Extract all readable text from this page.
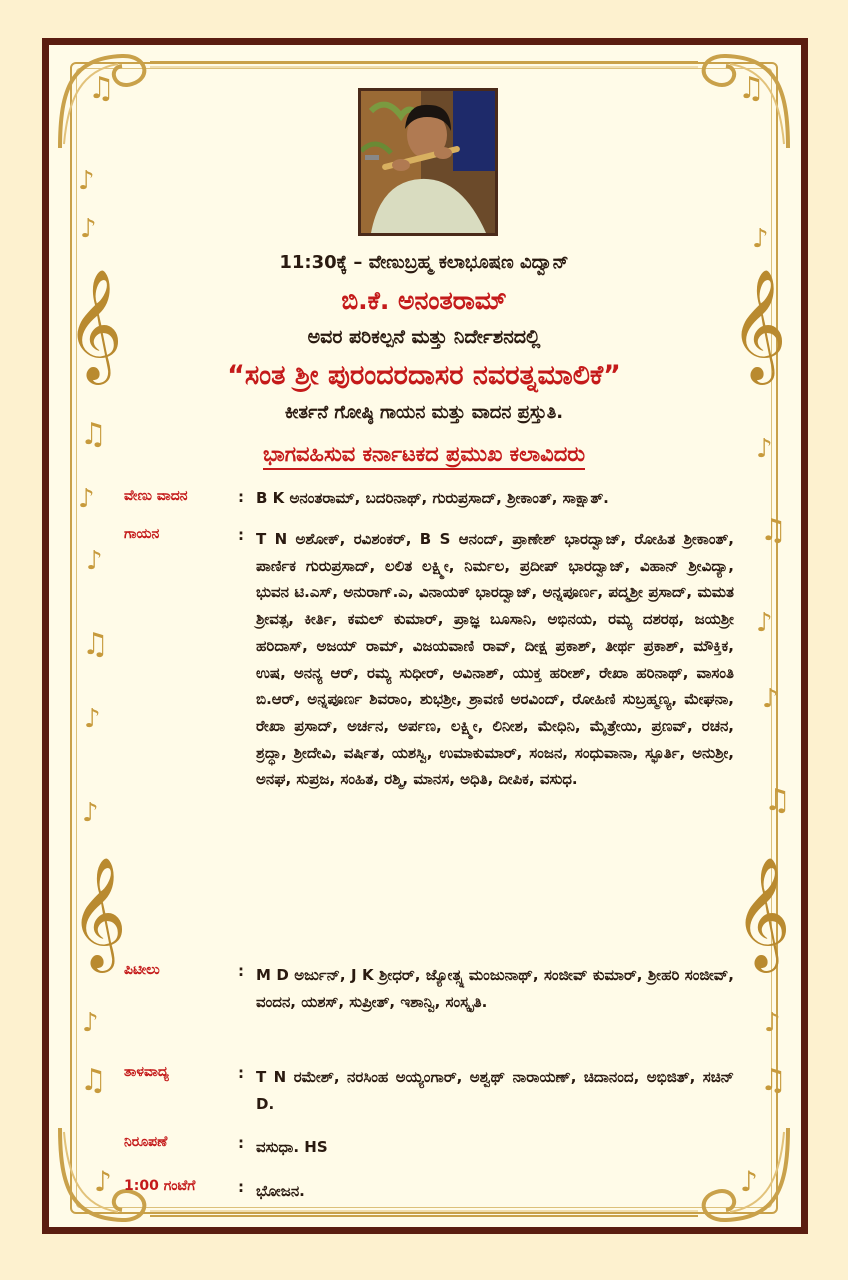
♫	♫
♪
♪	♪
𝄞	𝄞
♫	♪
♪
♫
♪
♫
♪
♪
♪
♫
♪
𝄞	𝄞
♪	♪
♫	♫
♪	♪
11:30ಕ್ಕೆ – ವೇಣುಬ್ರಹ್ಮ ಕಲಾಭೂಷಣ ವಿದ್ವಾನ್
ಬಿ.ಕೆ. ಅನಂತರಾಮ್
ಅವರ ಪರಿಕಲ್ಪನೆ ಮತ್ತು ನಿರ್ದೇಶನದಲ್ಲಿ
“ಸಂತ ಶ್ರೀ ಪುರಂದರದಾಸರ ನವರತ್ನಮಾಲಿಕೆ”
ಕೀರ್ತನೆ ಗೋಷ್ಠಿ ಗಾಯನ ಮತ್ತು ವಾದನ ಪ್ರಸ್ತುತಿ.
ಭಾಗವಹಿಸುವ ಕರ್ನಾಟಕದ ಪ್ರಮುಖ ಕಲಾವಿದರು
ವೇಣು ವಾದನ	: B K ಅನಂತರಾಮ್, ಬದರಿನಾಥ್, ಗುರುಪ್ರಸಾದ್, ಶ್ರೀಕಾಂತ್, ಸಾಕ್ಷಾತ್.
ಗಾಯನ	: T N ಅಶೋಕ್, ರವಿಶಂಕರ್, B S ಆನಂದ್, ಪ್ರಾಣೇಶ್ ಭಾರದ್ವಾಜ್, ರೋಹಿತ ಶ್ರೀಕಾಂತ್, ಪಾರ್ಣಿಕ ಗುರುಪ್ರಸಾದ್, ಲಲಿತ ಲಕ್ಷ್ಮೀ, ನಿರ್ಮಲ, ಪ್ರದೀಪ್ ಭಾರದ್ವಾಜ್, ವಿಹಾನ್ ಶ್ರೀವಿದ್ಯಾ, ಭುವನ ಟಿ.ಎಸ್, ಅನುರಾಗ್.ಎ, ವಿನಾಯಕ್ ಭಾರದ್ವಾಜ್, ಅನ್ನಪೂರ್ಣ, ಪದ್ಮಶ್ರೀ ಪ್ರಸಾದ್, ಮಮತ ಶ್ರೀವತ್ಸ, ಕೀರ್ತಿ, ಕಮಲ್ ಕುಮಾರ್, ಪ್ರಾಜ್ಞ ಬೂಸಾನಿ, ಅಭಿನಯ, ರಮ್ಯ ದಶರಥ, ಜಯಶ್ರೀ ಹರಿದಾಸ್, ಅಜಯ್ ರಾಮ್, ವಿಜಯವಾಣಿ ರಾವ್, ದೀಕ್ಷ ಪ್ರಕಾಶ್, ತೀರ್ಥ ಪ್ರಕಾಶ್, ಮೌಕ್ತಿಕ, ಉಷ, ಅನನ್ಯ ಆರ್, ರಮ್ಯ ಸುಧೀರ್, ಅವಿನಾಶ್, ಯುಕ್ತ ಹರೀಶ್, ರೇಖಾ ಹರಿನಾಥ್, ವಾಸಂತಿ ಬಿ.ಆರ್, ಅನ್ನಪೂರ್ಣ ಶಿವರಾಂ, ಶುಭಶ್ರೀ, ಶ್ರಾವಣಿ ಅರವಿಂದ್, ರೋಹಿಣಿ ಸುಬ್ರಹ್ಮಣ್ಯ, ಮೇಘನಾ, ರೇಖಾ ಪ್ರಸಾದ್, ಅರ್ಚನ, ಅರ್ಪಣ, ಲಕ್ಷ್ಮೀ, ಲಿನೀಶ, ಮೇಧಿನಿ, ಮೈತ್ರೇಯಿ, ಪ್ರಣವ್, ರಚನ, ಶ್ರದ್ಧಾ, ಶ್ರೀದೇವಿ, ವರ್ಷಿತ, ಯಶಸ್ವಿ, ಉಮಾಕುಮಾರ್, ಸಂಜನ, ಸಂಧುವಾನಾ, ಸ್ಫೂರ್ತಿ, ಅನುಶ್ರೀ, ಅನಘ, ಸುಪ್ರಜ, ಸಂಹಿತ, ರಶ್ಮಿ, ಮಾನಸ, ಅಧಿತಿ, ದೀಪಿಕ, ವಸುಧ.
ಪಿಟೀಲು	: M D ಅರ್ಜುನ್, J K ಶ್ರೀಧರ್, ಜ್ಯೋತ್ಸ್ನ ಮಂಜುನಾಥ್, ಸಂಜೀವ್ ಕುಮಾರ್, ಶ್ರೀಹರಿ ಸಂಜೀವ್, ವಂದನ, ಯಶಸ್, ಸುಪ್ರೀತ್, ಇಶಾನ್ವಿ, ಸಂಸ್ಕೃತಿ.
ತಾಳವಾದ್ಯ	: T N ರಮೇಶ್, ನರಸಿಂಹ ಅಯ್ಯಂಗಾರ್, ಅಶ್ವಥ್ ನಾರಾಯಣ್, ಚಿದಾನಂದ, ಅಭಿಜಿತ್, ಸಚಿನ್ D.
ನಿರೂಪಣೆ	: ವಸುಧಾ. HS
1:00 ಗಂಟೆಗೆ	: ಭೋಜನ.
